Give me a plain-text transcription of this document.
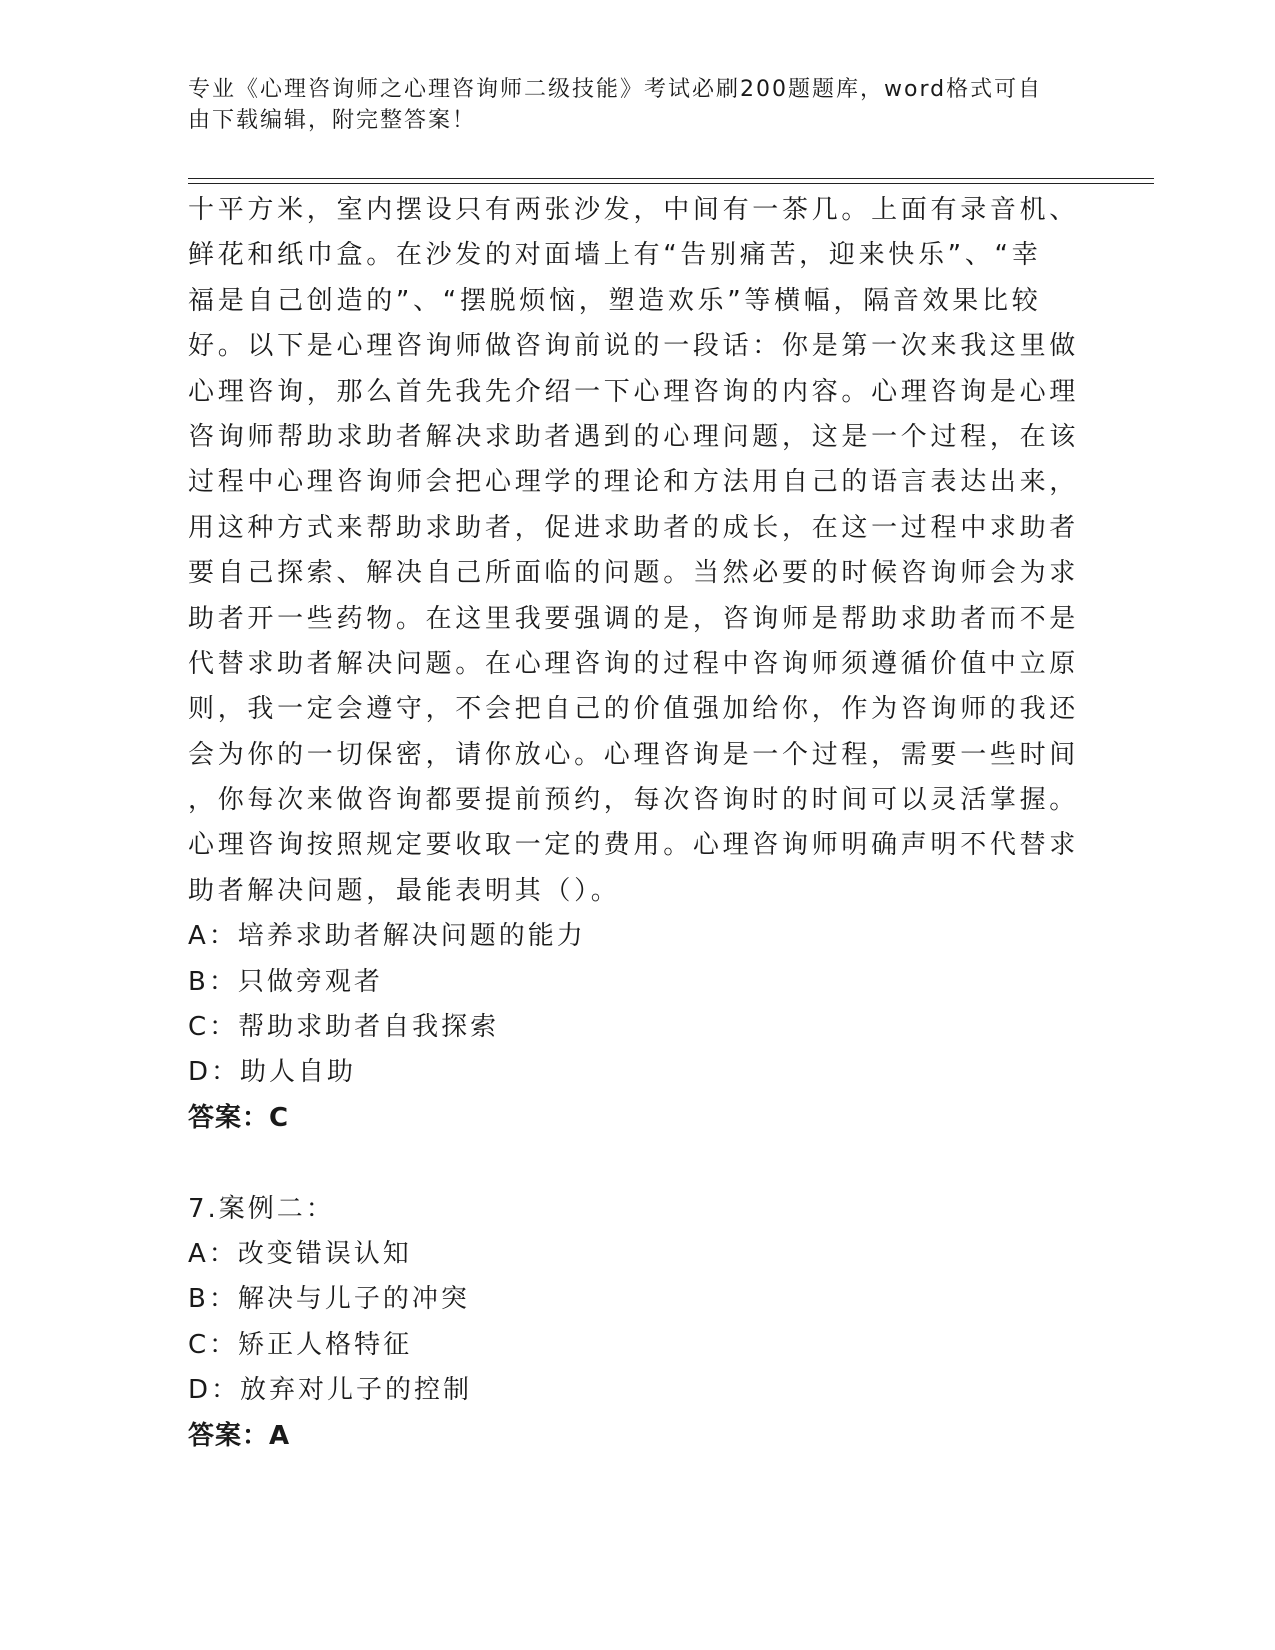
专业《心理咨询师之心理咨询师二级技能》考试必刷200题题库，word格式可自
由下载编辑，附完整答案！
十平方米，室内摆设只有两张沙发，中间有一茶几。上面有录音机、
鲜花和纸巾盒。在沙发的对面墙上有“告别痛苦，迎来快乐”、“幸
福是自己创造的”、“摆脱烦恼，塑造欢乐”等横幅，隔音效果比较
好。以下是心理咨询师做咨询前说的一段话：你是第一次来我这里做
心理咨询，那么首先我先介绍一下心理咨询的内容。心理咨询是心理
咨询师帮助求助者解决求助者遇到的心理问题，这是一个过程，在该
过程中心理咨询师会把心理学的理论和方法用自己的语言表达出来，
用这种方式来帮助求助者，促进求助者的成长，在这一过程中求助者
要自己探索、解决自己所面临的问题。当然必要的时候咨询师会为求
助者开一些药物。在这里我要强调的是，咨询师是帮助求助者而不是
代替求助者解决问题。在心理咨询的过程中咨询师须遵循价值中立原
则，我一定会遵守，不会把自己的价值强加给你，作为咨询师的我还
会为你的一切保密，请你放心。心理咨询是一个过程，需要一些时间
，你每次来做咨询都要提前预约，每次咨询时的时间可以灵活掌握。
心理咨询按照规定要收取一定的费用。心理咨询师明确声明不代替求
助者解决问题，最能表明其（）。
A：培养求助者解决问题的能力
B：只做旁观者
C：帮助求助者自我探索
D：助人自助
答案：C
7.案例二：
A：改变错误认知
B：解决与儿子的冲突
C：矫正人格特征
D：放弃对儿子的控制
答案：A
